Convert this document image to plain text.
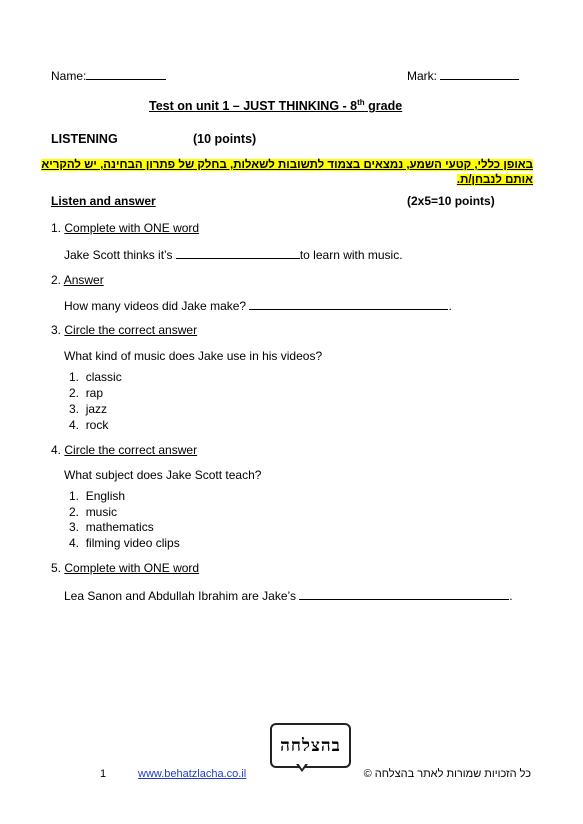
Name:	Mark:
Test on unit 1 – JUST THINKING - 8th grade
LISTENING	(10 points)
באופן כללי, קטעי השמע, נמצאים בצמוד לתשובות לשאלות, בחלק של פתרון הבחינה, יש להקריא
אותם לנבחן/ת.
Listen and answer	(2x5=10 points)
1. Complete with ONE word
Jake Scott thinks it’s	to learn with music.
2. Answer
How many videos did Jake make?	.
3. Circle the correct answer
What kind of music does Jake use in his videos?
1. classic
2. rap
3. jazz
4. rock
4. Circle the correct answer
What subject does Jake Scott teach?
1. English
2. music
3. mathematics
4. filming video clips
5. Complete with ONE word
Lea Sanon and Abdullah Ibrahim are Jake’s	.
בהצלחה
1	www.behatzlacha.co.il	כל הזכויות שמורות לאתר בהצלחה ©
